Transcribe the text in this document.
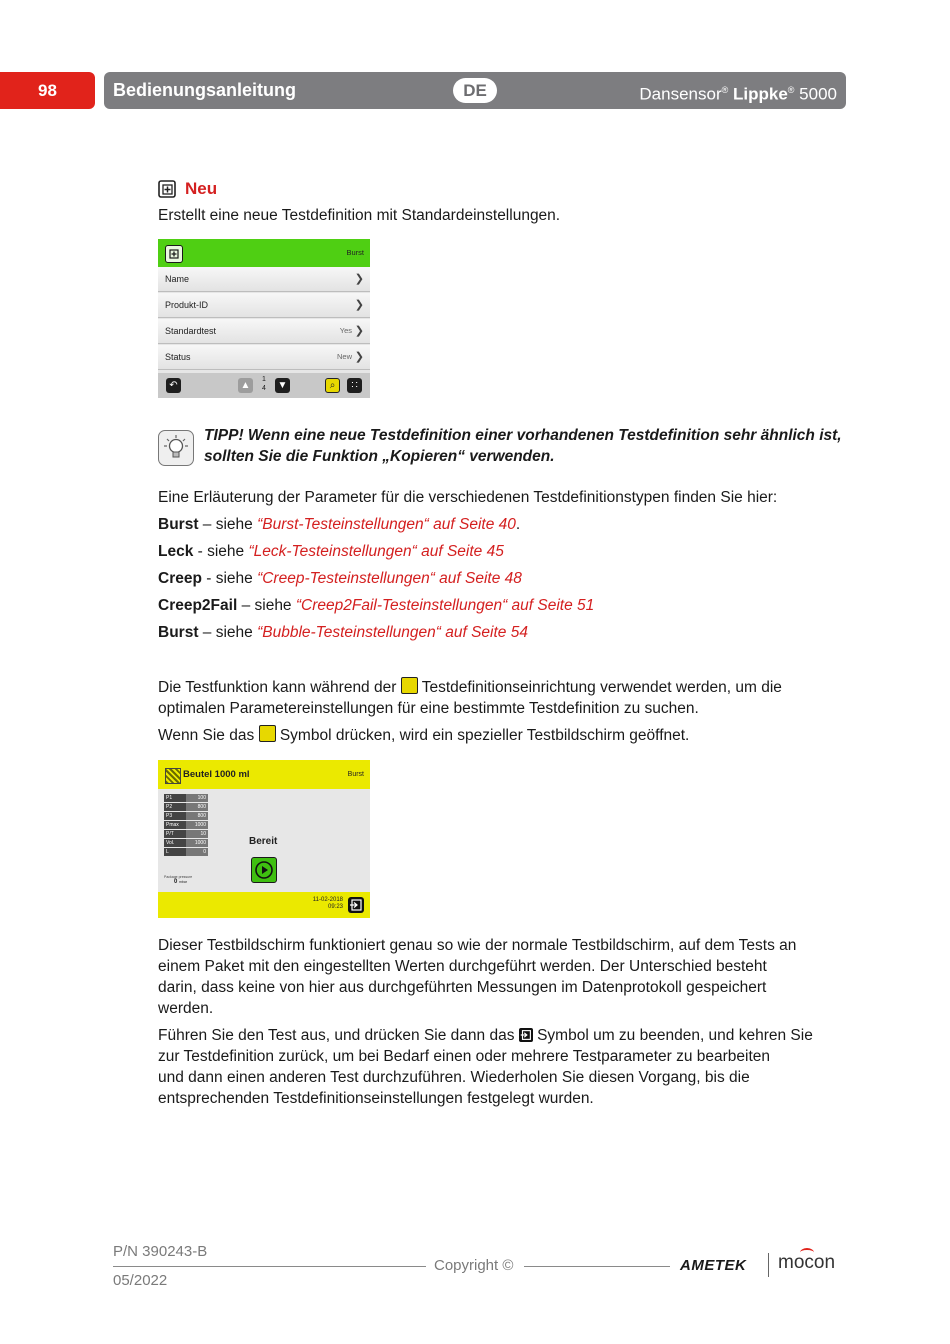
98	Bedienungsanleitung	DE	Dansensor® Lippke® 5000
Neu
Erstellt eine neue Testdefinition mit Standardeinstellungen.
Burst
Name	❯
Produkt-ID	❯
Standardtest	Yes ❯
Status	New ❯
↶	▲
1
4	▼	⌕	∷
TIPP! Wenn eine neue Testdefinition einer vorhandenen Testdefinition sehr ähnlich ist,
sollten Sie die Funktion „Kopieren“ verwenden.
Eine Erläuterung der Parameter für die verschiedenen Testdefinitionstypen finden Sie hier:
Burst – siehe “Burst-Testeinstellungen“ auf Seite 40.
Leck - siehe “Leck-Testeinstellungen“ auf Seite 45
Creep - siehe “Creep-Testeinstellungen“ auf Seite 48
Creep2Fail – siehe “Creep2Fail-Testeinstellungen“ auf Seite 51
Burst – siehe “Bubble-Testeinstellungen“ auf Seite 54
Die Testfunktion kann während der Testdefinitionseinrichtung verwendet werden, um die
optimalen Parametereinstellungen für eine bestimmte Testdefinition zu suchen.
Wenn Sie das Symbol drücken, wird ein spezieller Testbildschirm geöffnet.
Beutel 1000 ml	Burst
P1	100
P2	800
P3	800
Pmax	1000
P/T	10
Vol.	1000
L	0
Package pressure
0 mbar
Bereit
11-02-2018
09:23
Dieser Testbildschirm funktioniert genau so wie der normale Testbildschirm, auf dem Tests an
einem Paket mit den eingestellten Werten durchgeführt werden. Der Unterschied besteht
darin, dass keine von hier aus durchgeführten Messungen im Datenprotokoll gespeichert
werden.
Führen Sie den Test aus, und drücken Sie dann das Symbol um zu beenden, und kehren Sie
zur Testdefinition zurück, um bei Bedarf einen oder mehrere Testparameter zu bearbeiten
und dann einen anderen Test durchzuführen. Wiederholen Sie diesen Vorgang, bis die
entsprechenden Testdefinitionseinstellungen festgelegt wurden.
P/N 390243-B
Copyright ©
05/2022
AMETEK mocon
